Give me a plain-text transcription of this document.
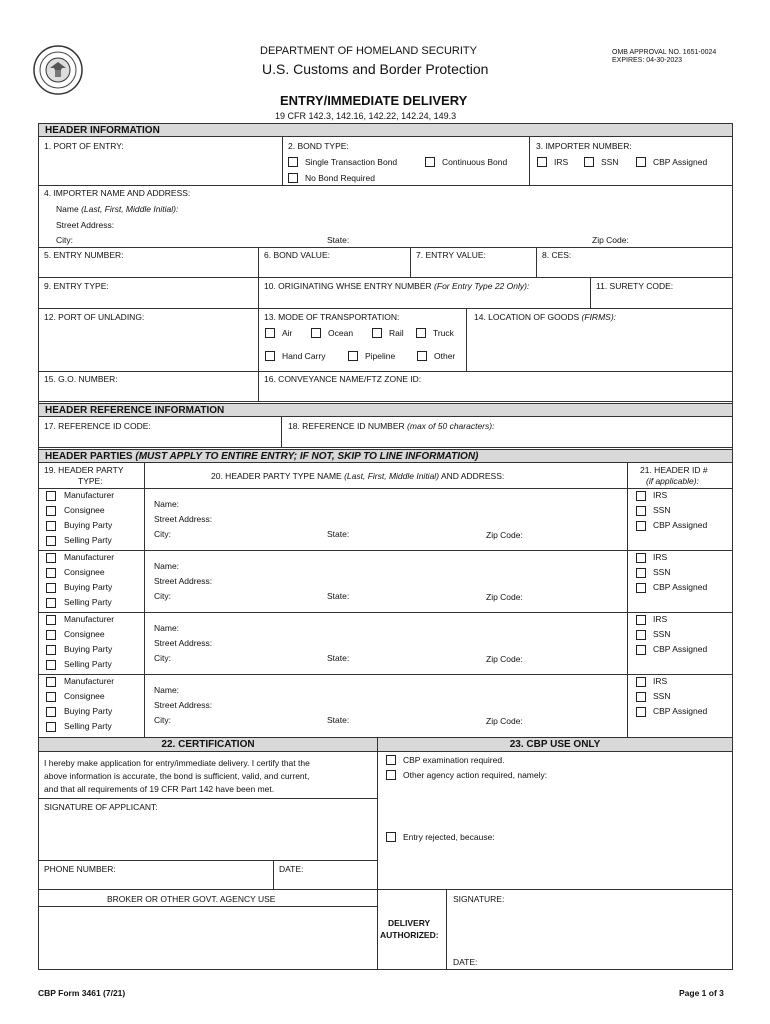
DEPARTMENT OF HOMELAND SECURITY
U.S. Customs and Border Protection
OMB APPROVAL NO. 1651-0024
EXPIRES: 04-30-2023
ENTRY/IMMEDIATE DELIVERY
19 CFR 142.3, 142.16, 142.22, 142.24, 149.3
HEADER INFORMATION
1. PORT OF ENTRY:	2. BOND TYPE:
Single Transaction Bond	Continuous Bond
No Bond Required
3. IMPORTER NUMBER:
IRS	SSN	CBP Assigned
4. IMPORTER NAME AND ADDRESS:
Name (Last, First, Middle Initial):
Street Address:
City:	State:	Zip Code:
5. ENTRY NUMBER:	6. BOND VALUE:	7. ENTRY VALUE:	8. CES:
9. ENTRY TYPE:	10. ORIGINATING WHSE ENTRY NUMBER (For Entry Type 22 Only):	11. SURETY CODE:
12. PORT OF UNLADING:	13. MODE OF TRANSPORTATION:
Air	Ocean	Rail	Truck
Hand Carry	Pipeline	Other
14. LOCATION OF GOODS (FIRMS):
15. G.O. NUMBER:	16. CONVEYANCE NAME/FTZ ZONE ID:
HEADER REFERENCE INFORMATION
17. REFERENCE ID CODE:	18. REFERENCE ID NUMBER (max of 50 characters):
HEADER PARTIES (MUST APPLY TO ENTIRE ENTRY; IF NOT, SKIP TO LINE INFORMATION)
19. HEADER PARTY
TYPE:	20. HEADER PARTY TYPE NAME (Last, First, Middle Initial) AND ADDRESS:
21. HEADER ID #
(if applicable):
Manufacturer
Consignee
Buying Party
Selling Party
Name:
Street Address:
City:	State:	Zip Code:
IRS
SSN
CBP Assigned
Manufacturer
Consignee
Buying Party
Selling Party
Name:
Street Address:
City:	State:	Zip Code:
IRS
SSN
CBP Assigned
Manufacturer
Consignee
Buying Party
Selling Party
Name:
Street Address:
City:	State:	Zip Code:
IRS
SSN
CBP Assigned
Manufacturer
Consignee
Buying Party
Selling Party
Name:
Street Address:
City:	State:	Zip Code:
IRS
SSN
CBP Assigned
22. CERTIFICATION	23. CBP USE ONLY
I hereby make application for entry/immediate delivery. I certify that the
above information is accurate, the bond is sufficient, valid, and current,
and that all requirements of 19 CFR Part 142 have been met.
SIGNATURE OF APPLICANT:
PHONE NUMBER:	DATE:
BROKER OR OTHER GOVT. AGENCY USE
CBP examination required.
Other agency action required, namely:
Entry rejected, because:
SIGNATURE:
DELIVERY
AUTHORIZED:
DATE:
CBP Form 3461 (7/21)	Page 1 of 3
